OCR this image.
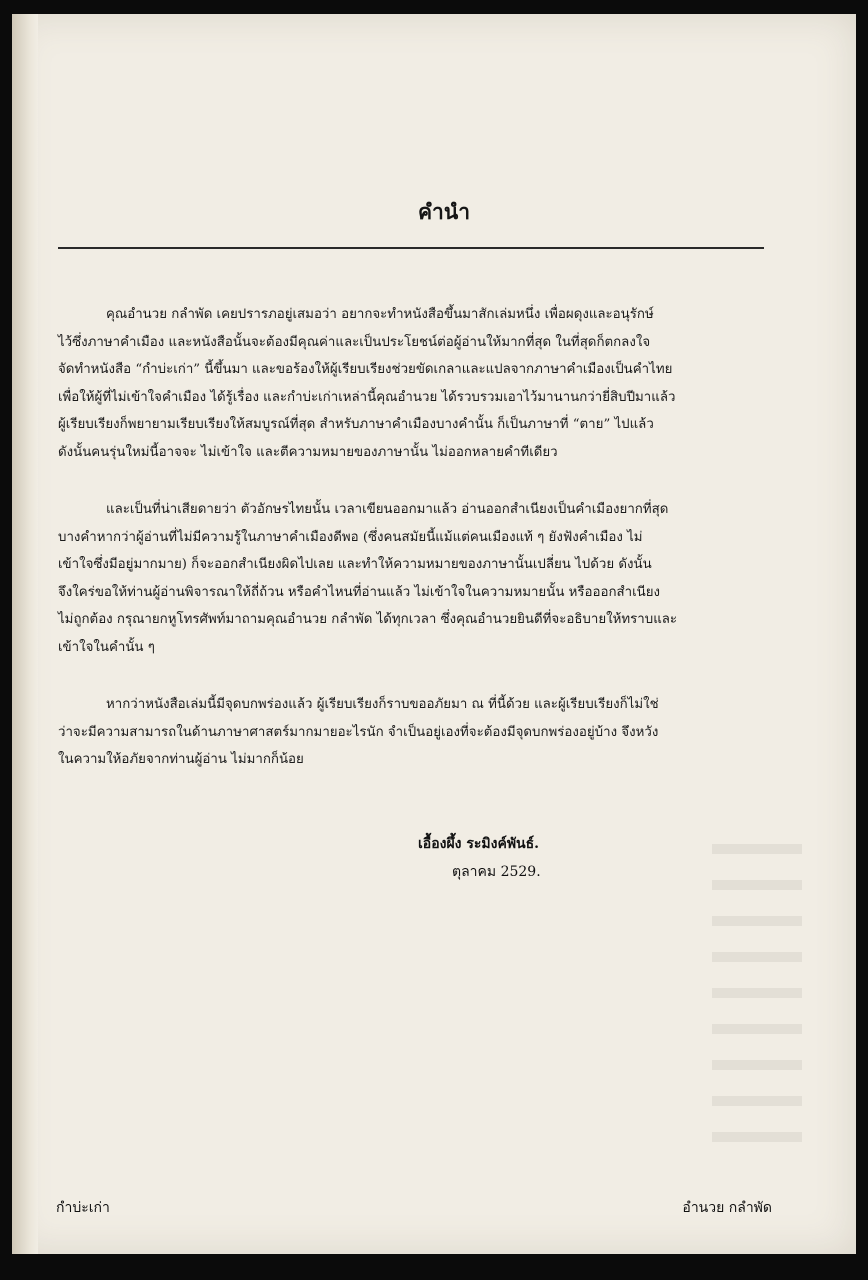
คำนำ
คุณอำนวย กลำพัด เคยปรารภอยู่เสมอว่า อยากจะทำหนังสือขึ้นมาสักเล่มหนึ่ง เพื่อผดุงและอนุรักษ์
ไว้ซึ่งภาษาคำเมือง และหนังสือนั้นจะต้องมีคุณค่าและเป็นประโยชน์ต่อผู้อ่านให้มากที่สุด ในที่สุดก็ตกลงใจ
จัดทำหนังสือ “กำบ่ะเก่า” นี้ขึ้นมา และขอร้องให้ผู้เรียบเรียงช่วยขัดเกลาและแปลจากภาษาคำเมืองเป็นคำไทย
เพื่อให้ผู้ที่ไม่เข้าใจคำเมือง ได้รู้เรื่อง และกำบ่ะเก่าเหล่านี้คุณอำนวย ได้รวบรวมเอาไว้มานานกว่ายี่สิบปีมาแล้ว
ผู้เรียบเรียงก็พยายามเรียบเรียงให้สมบูรณ์ที่สุด สำหรับภาษาคำเมืองบางคำนั้น ก็เป็นภาษาที่ “ตาย” ไปแล้ว
ดังนั้นคนรุ่นใหม่นี้อาจจะ ไม่เข้าใจ และตีความหมายของภาษานั้น ไม่ออกหลายคำทีเดียว
และเป็นที่น่าเสียดายว่า ตัวอักษรไทยนั้น เวลาเขียนออกมาแล้ว อ่านออกสำเนียงเป็นคำเมืองยากที่สุด
บางคำหากว่าผู้อ่านที่ไม่มีความรู้ในภาษาคำเมืองดีพอ (ซึ่งคนสมัยนี้แม้แต่คนเมืองแท้ ๆ ยังฟังคำเมือง ไม่
เข้าใจซึ่งมีอยู่มากมาย) ก็จะออกสำเนียงผิดไปเลย และทำให้ความหมายของภาษานั้นเปลี่ยน ไปด้วย ดังนั้น
จึงใคร่ขอให้ท่านผู้อ่านพิจารณาให้ถี่ถ้วน หรือคำไหนที่อ่านแล้ว ไม่เข้าใจในความหมายนั้น หรือออกสำเนียง
ไม่ถูกต้อง กรุณายกหูโทรศัพท์มาถามคุณอำนวย กลำพัด ได้ทุกเวลา ซึ่งคุณอำนวยยินดีที่จะอธิบายให้ทราบและ
เข้าใจในคำนั้น ๆ
หากว่าหนังสือเล่มนี้มีจุดบกพร่องแล้ว ผู้เรียบเรียงก็ราบขออภัยมา ณ ที่นี้ด้วย และผู้เรียบเรียงก็ไม่ใช่
ว่าจะมีความสามารถในด้านภาษาศาสตร์มากมายอะไรนัก จำเป็นอยู่เองที่จะต้องมีจุดบกพร่องอยู่บ้าง จึงหวัง
ในความให้อภัยจากท่านผู้อ่าน ไม่มากก็น้อย
เอื้องผึ้ง ระมิงค์พันธ์.
ตุลาคม 2529.
กำบ่ะเก่า	อำนวย กลำพัด
